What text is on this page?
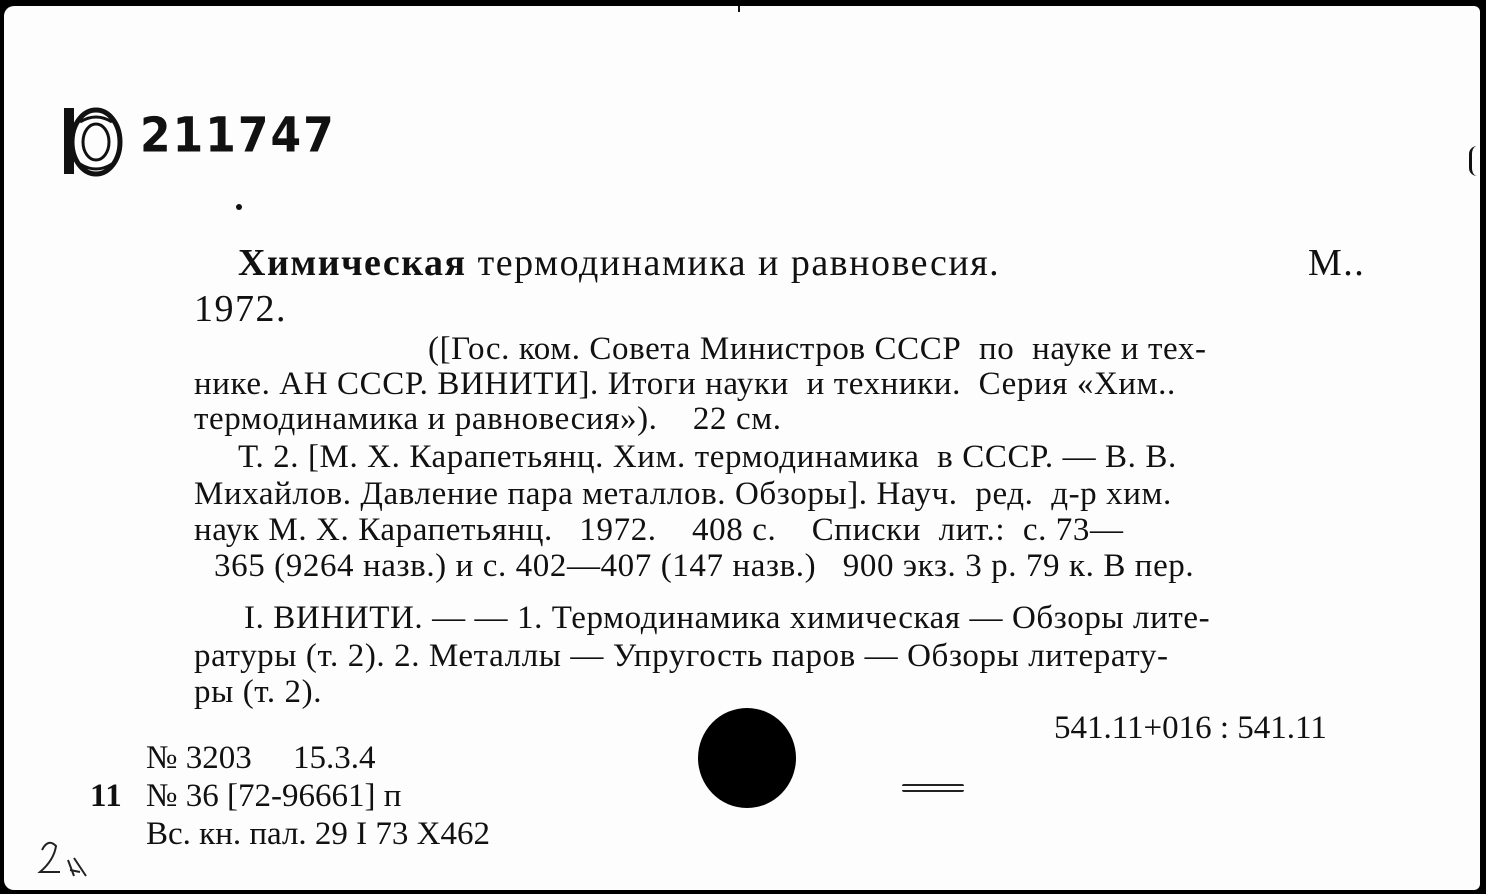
211747
Химическая термодинамика и равновесия.	М..
1972.
([Гос. ком. Совета Министров СССР  по  науке и тех-
нике. АН СССР. ВИНИТИ]. Итоги науки  и техники.  Серия «Хим..
термодинамика и равновесия»).    22 см.
Т. 2. [М. Х. Карапетьянц. Хим. термодинамика  в СССР. — В. В.
Михайлов. Давление пара металлов. Обзоры]. Науч.  ред.  д-р хим.
наук М. Х. Карапетьянц.   1972.    408 с.    Списки  лит.:  с. 73—
365 (9264 назв.) и с. 402—407 (147 назв.)   900 экз. 3 р. 79 к. В пер.
I. ВИНИТИ. — — 1. Термодинамика химическая — Обзоры лите-
ратуры (т. 2). 2. Металлы — Упругость паров — Обзоры литерату-
ры (т. 2).
541.11+016 : 541.11
№ 3203     15.3.4
11 № 36 [72-96661] п
Вс. кн. пал. 29 I 73 Х462
